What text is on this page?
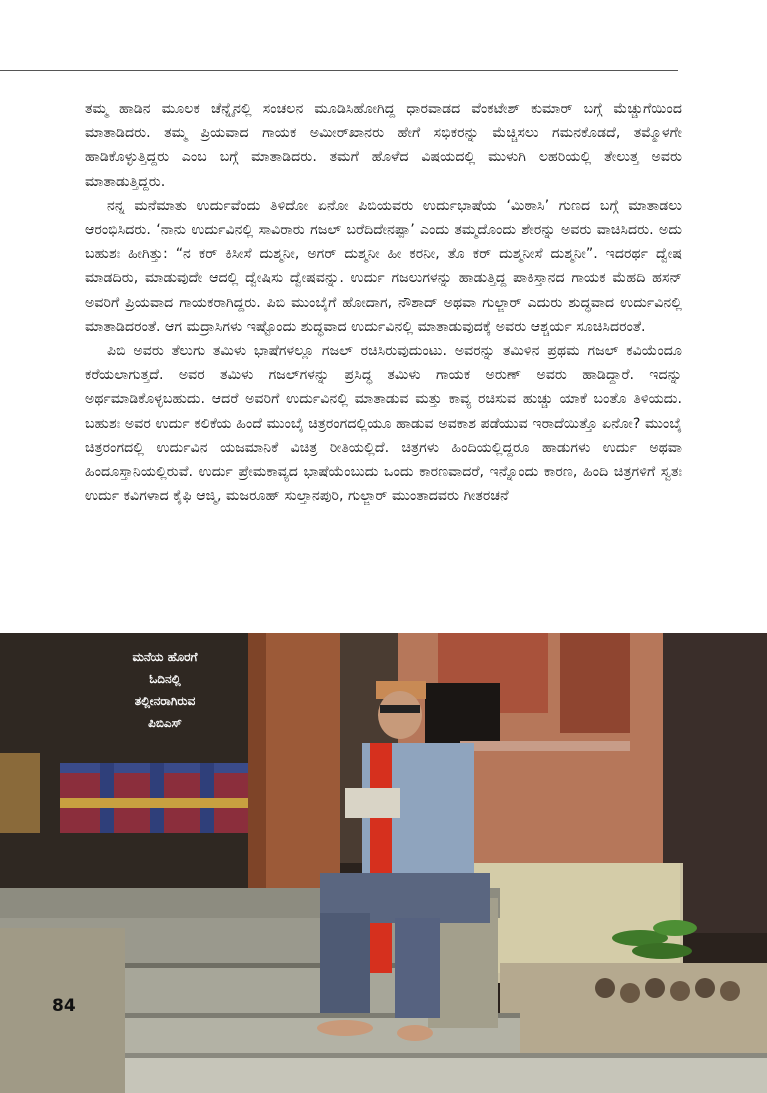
ತಮ್ಮ ಹಾಡಿನ ಮೂಲಕ ಚೆನ್ನೈನಲ್ಲಿ ಸಂಚಲನ ಮೂಡಿಸಿಹೋಗಿದ್ದ ಧಾರವಾಡದ ವೆಂಕಟೇಶ್ ಕುಮಾರ್ ಬಗ್ಗೆ ಮೆಚ್ಚುಗೆಯಿಂದ ಮಾತಾಡಿದರು. ತಮ್ಮ ಪ್ರಿಯವಾದ ಗಾಯಕ ಅಮೀರ್‌ಖಾನರು ಹೇಗೆ ಸಭಿಕರನ್ನು ಮೆಚ್ಚಿಸಲು ಗಮನಕೊಡದೆ, ತಮ್ಮೊಳಗೇ ಹಾಡಿಕೊಳ್ಳುತ್ತಿದ್ದರು ಎಂಬ ಬಗ್ಗೆ ಮಾತಾಡಿದರು. ತಮಗೆ ಹೊಳೆದ ವಿಷಯದಲ್ಲಿ ಮುಳುಗಿ ಲಹರಿಯಲ್ಲಿ ತೇಲುತ್ತ ಅವರು ಮಾತಾಡುತ್ತಿದ್ದರು.

ನನ್ನ ಮನೆಮಾತು ಉರ್ದುವೆಂದು ತಿಳಿದೋ ಏನೋ ಪಿಬಿಯವರು ಉರ್ದುಭಾಷೆಯ ‘ಮಿಠಾಸಿ’ ಗುಣದ ಬಗ್ಗೆ ಮಾತಾಡಲು ಆರಂಭಿಸಿದರು. ‘ನಾನು ಉರ್ದುವಿನಲ್ಲಿ ಸಾವಿರಾರು ಗಜಲ್ ಬರೆದಿದೇನಪ್ಪಾ’ ಎಂದು ತಮ್ಮದೊಂದು ಶೇರನ್ನು ಅವರು ವಾಚಿಸಿದರು. ಅದು ಬಹುಶಃ ಹೀಗಿತ್ತು: “ನ ಕರ್ ಕಿಸೀಸೆ ದುಶ್ಮನೀ, ಅಗರ್ ದುಶ್ಮನೀ ಹೀ ಕರನೀ, ತೊ ಕರ್ ದುಶ್ಮನೀಸೆ ದುಶ್ಮನೀ”. ಇದರರ್ಥ ದ್ವೇಷ ಮಾಡದಿರು, ಮಾಡುವುದೇ ಆದಲ್ಲಿ ದ್ವೇಷಿಸು ದ್ವೇಷವನ್ನು. ಉರ್ದು ಗಜಲುಗಳನ್ನು ಹಾಡುತ್ತಿದ್ದ ಪಾಕಿಸ್ತಾನದ ಗಾಯಕ ಮೆಹದಿ ಹಸನ್ ಅವರಿಗೆ ಪ್ರಿಯವಾದ ಗಾಯಕರಾಗಿದ್ದರು. ಪಿಬಿ ಮುಂಬೈಗೆ ಹೋದಾಗ, ನೌಶಾದ್ ಅಥವಾ ಗುಲ್ಜಾರ್ ಎದುರು ಶುದ್ಧವಾದ ಉರ್ದುವಿನಲ್ಲಿ ಮಾತಾಡಿದರಂತೆ. ಆಗ ಮದ್ರಾಸಿಗಳು ಇಷ್ಟೊಂದು ಶುದ್ಧವಾದ ಉರ್ದುವಿನಲ್ಲಿ ಮಾತಾಡುವುದಕ್ಕೆ ಅವರು ಆಶ್ಚರ್ಯ ಸೂಚಿಸಿದರಂತೆ.

ಪಿಬಿ ಅವರು ತೆಲುಗು ತಮಿಳು ಭಾಷೆಗಳಲ್ಲೂ ಗಜಲ್ ರಚಿಸಿರುವುದುಂಟು. ಅವರನ್ನು ತಮಿಳಿನ ಪ್ರಥಮ ಗಜಲ್ ಕವಿಯೆಂದೂ ಕರೆಯಲಾಗುತ್ತದೆ. ಅವರ ತಮಿಳು ಗಜಲ್‌ಗಳನ್ನು ಪ್ರಸಿದ್ಧ ತಮಿಳು ಗಾಯಕ ಅರುಣ್ ಅವರು ಹಾಡಿದ್ದಾರೆ. ಇದನ್ನು ಅರ್ಥಮಾಡಿಕೊಳ್ಳಬಹುದು. ಆದರೆ ಅವರಿಗೆ ಉರ್ದುವಿನಲ್ಲಿ ಮಾತಾಡುವ ಮತ್ತು ಕಾವ್ಯ ರಚಿಸುವ ಹುಚ್ಚು ಯಾಕೆ ಬಂತೊ ತಿಳಿಯದು. ಬಹುಶಃ ಅವರ ಉರ್ದು ಕಲಿಕೆಯ ಹಿಂದೆ ಮುಂಬೈ ಚಿತ್ರರಂಗದಲ್ಲಿಯೂ ಹಾಡುವ ಅವಕಾಶ ಪಡೆಯುವ ಇರಾದೆಯಿತ್ತೊ ಏನೋ? ಮುಂಬೈ ಚಿತ್ರರಂಗದಲ್ಲಿ ಉರ್ದುವಿನ ಯಜಮಾನಿಕೆ ವಿಚಿತ್ರ ರೀತಿಯಲ್ಲಿದೆ. ಚಿತ್ರಗಳು ಹಿಂದಿಯಲ್ಲಿದ್ದರೂ ಹಾಡುಗಳು ಉರ್ದು ಅಥವಾ ಹಿಂದೂಸ್ತಾನಿಯಲ್ಲಿರುವೆ. ಉರ್ದು ಪ್ರೇಮಕಾವ್ಯದ ಭಾಷೆಯೆಂಬುದು ಒಂದು ಕಾರಣವಾದರೆ, ಇನ್ನೊಂದು ಕಾರಣ, ಹಿಂದಿ ಚಿತ್ರಗಳಿಗೆ ಸ್ವತಃ ಉರ್ದು ಕವಿಗಳಾದ ಕೈಫಿ ಆಜ್ಮಿ, ಮಜರೂಹ್ ಸುಲ್ತಾನಪುರಿ, ಗುಲ್ಜಾರ್ ಮುಂತಾದವರು ಗೀತರಚನೆ

ಮನೆಯ ಹೊರಗೆ
ಓದಿನಲ್ಲಿ
ತಲ್ಲೀನರಾಗಿರುವ
ಪಿಬಿಎಸ್
84
